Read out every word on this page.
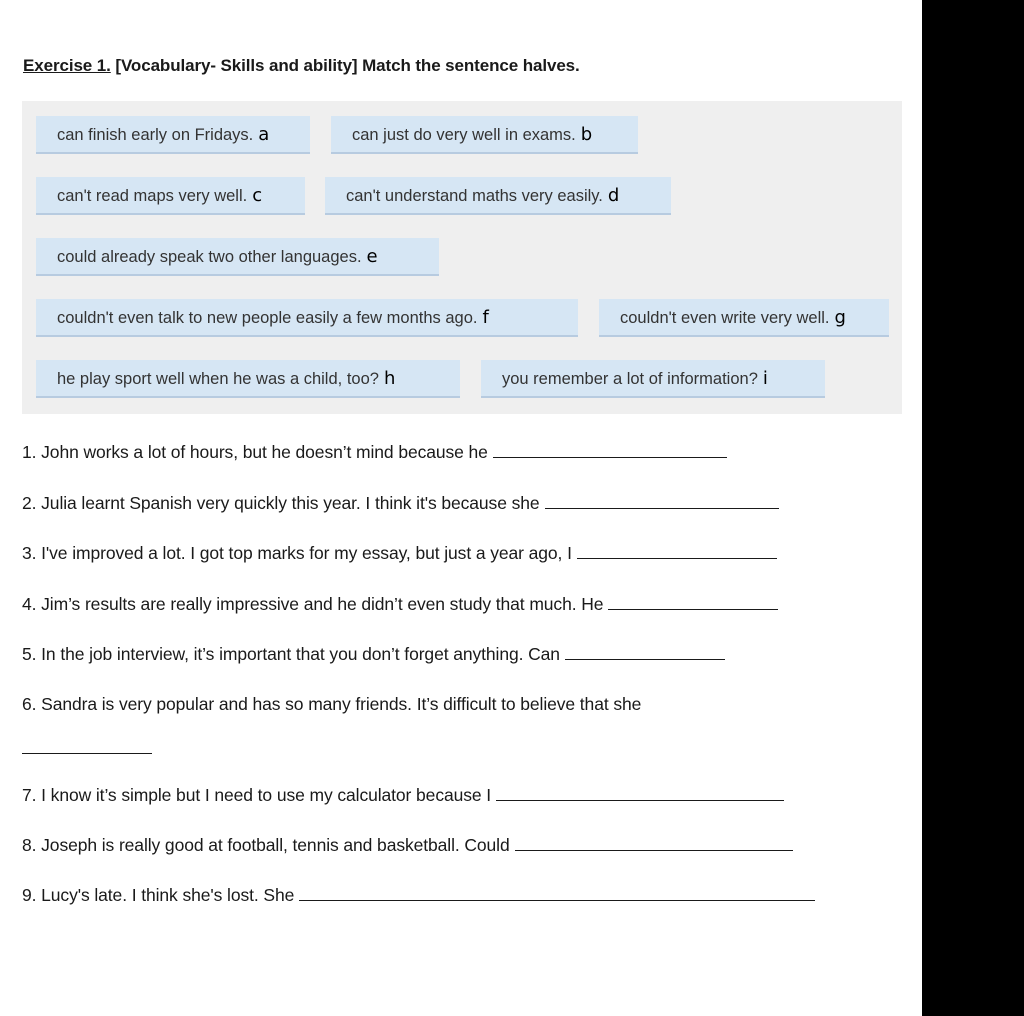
Exercise 1. [Vocabulary- Skills and ability] Match the sentence halves.
can finish early on Fridays. a	can just do very well in exams. b
can't read maps very well. c	can't understand maths very easily. d
could already speak two other languages. e
couldn't even talk to new people easily a few months ago. f	couldn't even write very well. g
he play sport well when he was a child, too? h	you remember a lot of information? i

1. John works a lot of hours, but he doesn’t mind because he

2. Julia learnt Spanish very quickly this year. I think it's because she

3. I've improved a lot. I got top marks for my essay, but just a year ago, I

4. Jim’s results are really impressive and he didn’t even study that much. He

5. In the job interview, it’s important that you don’t forget anything. Can

6. Sandra is very popular and has so many friends. It’s difficult to believe that she

7. I know it’s simple but I need to use my calculator because I

8. Joseph is really good at football, tennis and basketball. Could

9. Lucy's late. I think she's lost. She
